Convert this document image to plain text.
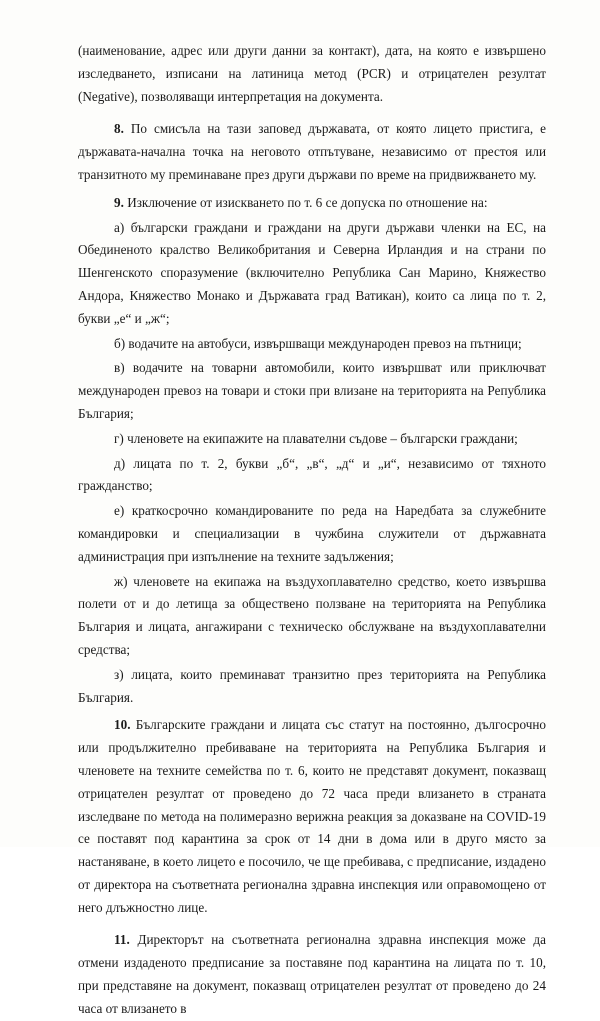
(наименование, адрес или други данни за контакт), дата, на която е извършено изследването, изписани на латиница метод (PCR) и отрицателен резултат (Negative), позволяващи интерпретация на документа.

8. По смисъла на тази заповед държавата, от която лицето пристига, е държавата-начална точка на неговото отпътуване, независимо от престоя или транзитното му преминаване през други държави по време на придвижването му.

9. Изключение от изискването по т. 6 се допуска по отношение на:

а) български граждани и граждани на други държави членки на ЕС, на Обединеното кралство Великобритания и Северна Ирландия и на страни по Шенгенското споразумение (включително Република Сан Марино, Княжество Андора, Княжество Монако и Държавата град Ватикан), които са лица по т. 2, букви „е“ и „ж“;

б) водачите на автобуси, извършващи международен превоз на пътници;

в) водачите на товарни автомобили, които извършват или приключват международен превоз на товари и стоки при влизане на територията на Република България;

г) членовете на екипажите на плавателни съдове – български граждани;

д) лицата по т. 2, букви „б“, „в“, „д“ и „и“, независимо от тяхното гражданство;

е) краткосрочно командированите по реда на Наредбата за служебните командировки и специализации в чужбина служители от държавната администрация при изпълнение на техните задължения;

ж) членовете на екипажа на въздухоплавателно средство, което извършва полети от и до летища за обществено ползване на територията на Република България и лицата, ангажирани с техническо обслужване на въздухоплавателни средства;

з) лицата, които преминават транзитно през територията на Република България.

10. Българските граждани и лицата със статут на постоянно, дългосрочно или продължително пребиваване на територията на Република България и членовете на техните семейства по т. 6, които не представят документ, показващ отрицателен резултат от проведено до 72 часа преди влизането в страната изследване по метода на полимеразно верижна реакция за доказване на COVID-19 се поставят под карантина за срок от 14 дни в дома или в друго място за настаняване, в което лицето е посочило, че ще пребивава, с предписание, издадено от директора на съответната регионална здравна инспекция или оправомощено от него длъжностно лице.

11. Директорът на съответната регионална здравна инспекция може да отмени издаденото предписание за поставяне под карантина на лицата по т. 10, при представяне на документ, показващ отрицателен резултат от проведено до 24 часа от влизането в
